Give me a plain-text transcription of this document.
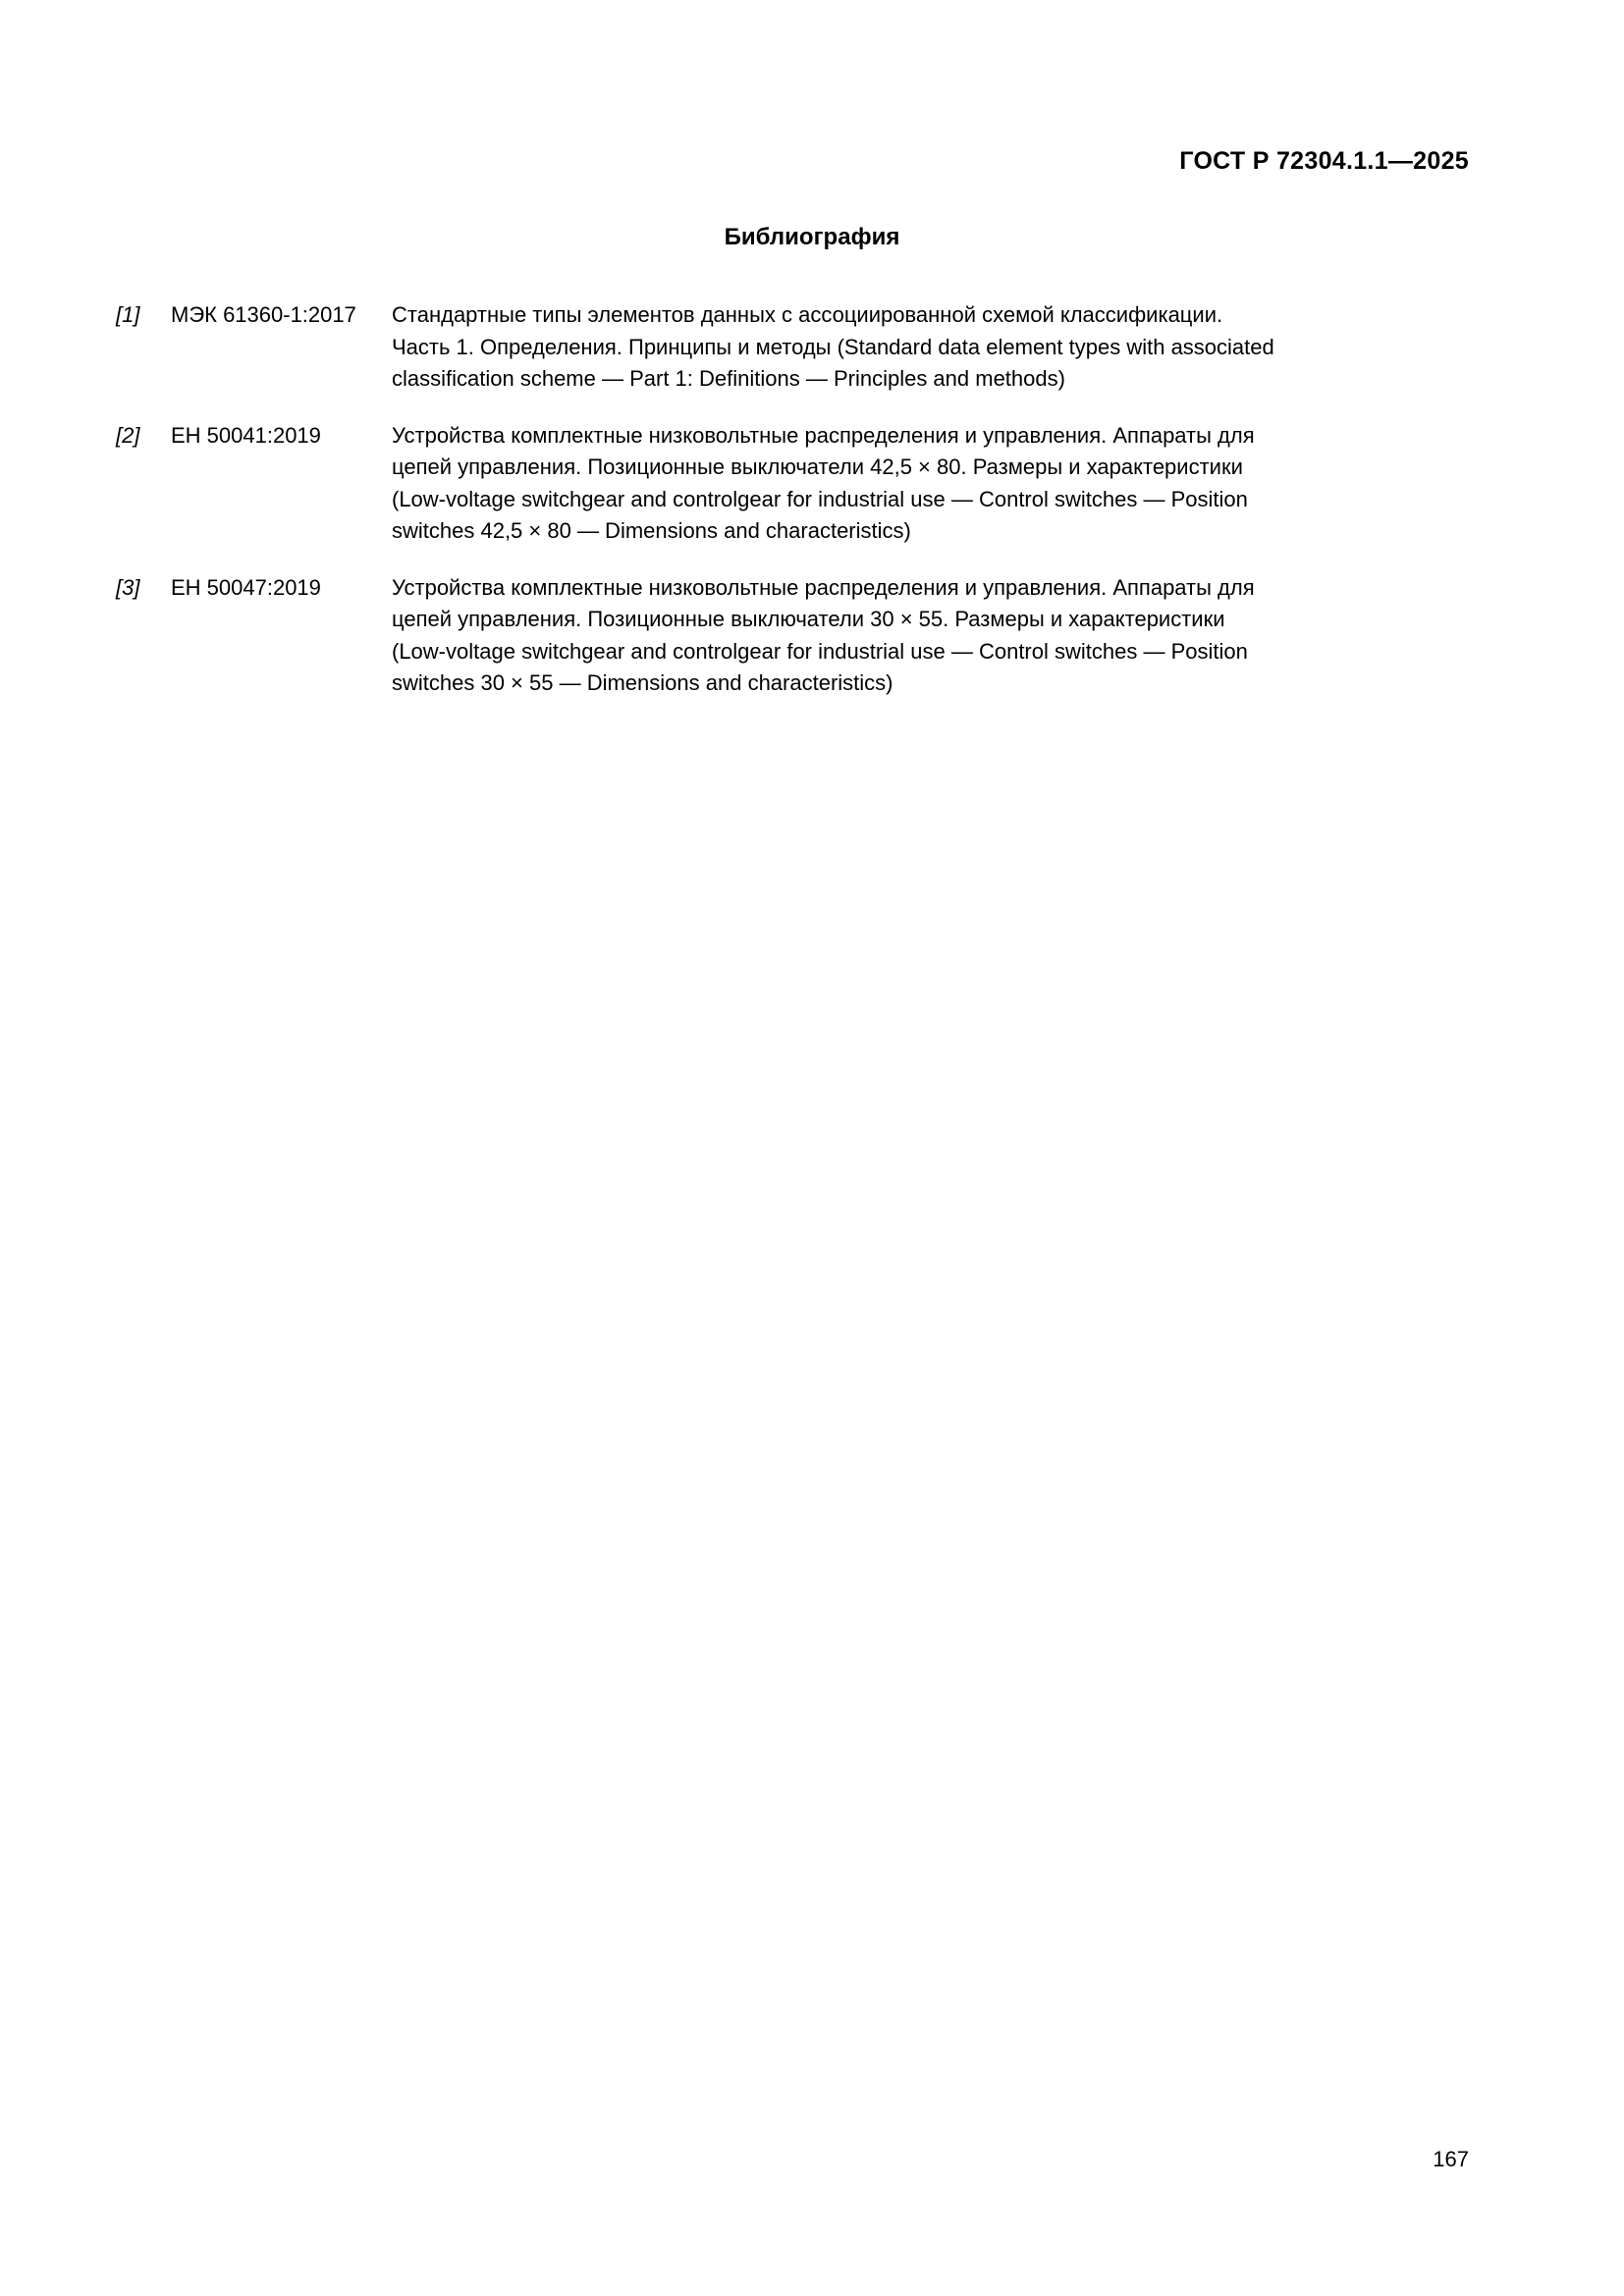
ГОСТ Р 72304.1.1—2025
Библиография
[1]	МЭК 61360-1:2017	Стандартные типы элементов данных с ассоциированной схемой классификации.
Часть 1. Определения. Принципы и методы (Standard data element types with associated
classification scheme — Part 1: Definitions — Principles and methods)
[2]	ЕН 50041:2019	Устройства комплектные низковольтные распределения и управления. Аппараты для
цепей управления. Позиционные выключатели 42,5 × 80. Размеры и характеристики
(Low-voltage switchgear and controlgear for industrial use — Control switches — Position
switches 42,5 × 80 — Dimensions and characteristics)
[3]	ЕН 50047:2019	Устройства комплектные низковольтные распределения и управления. Аппараты для
цепей управления. Позиционные выключатели 30 × 55. Размеры и характеристики
(Low-voltage switchgear and controlgear for industrial use — Control switches — Position
switches 30 × 55 — Dimensions and characteristics)
167
